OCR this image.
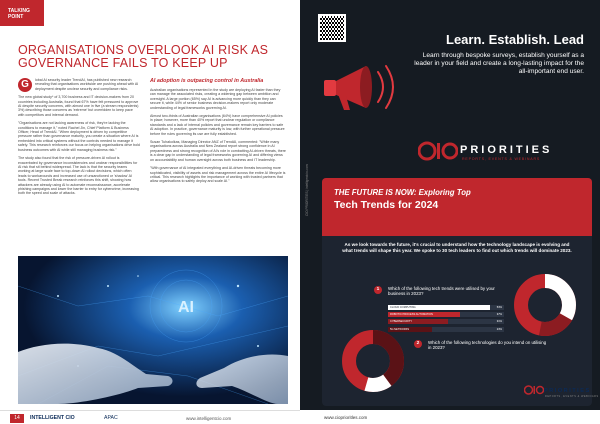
TALKING POINT
ORGANISATIONS OVERLOOK AI RISK AS GOVERNANCE FAILS TO KEEP UP

G	lobal AI security leader TrendAI, has published new research revealing that organisations worldwide are pushing ahead with AI deployment despite unclear security and compliance risks.

The new global study* of 3,700 business and IT decision-makers from 20 countries including Australia, found that 67% have felt pressured to approve AI despite security concerns, with almost one in five (a stream respondents) 3%) describing those concerns as 'extreme' but overridden to keep pace with competitors and internal demand.

"Organisations are not lacking awareness of risk, they're lacking the conditions to manage it," noted Rachel Jin, Chief Platform & Business Officer, Head of TrendAI. "When deployment is driven by competitive pressure rather than governance maturity, you create a situation where AI is embedded into critical systems without the controls needed to manage it safely. This research reinforces our focus on helping organisations drive bold business outcomes with AI while still managing business risk."

The study also found that the risk of pressure-driven AI rollout is exacerbated by governance inconsistencies and unclear responsibilities for AI risk that sit behind widespread. The lack is that the security teams working at large scale face to top-down AI rollout decisions, which often leads to workarounds and increased use of unsanctioned or 'shadow' AI tools. Recent Trusted Break research reinforces this shift, showing how attackers are already using AI to automate reconnaissance, accelerate phishing campaigns and lower the barrier to entry for cybercrime, increasing both the speed and scale of attacks.

AI adoption is outpacing control in Australia

Australian organisations represented in the study are deploying AI faster than they can manage the associated risks, creating a widening gap between ambition and oversight. A large portion (65%) say AI is advancing more quickly than they can secure it, while 44% of senior business decision-makers report only moderate understanding of legal frameworks governing AI.

Almost two-thirds of Australian organisations (64%) have comprehensive AI policies in place; however, more than 40% report that unclear regulation or compliance standards and a lack of internal policies and governance remain key barriers to safe AI adoption. In practice, governance maturity is low, with further operational pressure before the rules governing its use are fully established.

Susan Tuhakolkas, Managing Director ANZ of TrendAI, commented: "While many organisations across Australia and New Zealand report strong confidence in AI preparedness and strong recognition of AI's role in combatting AI-driven threats, there is a clear gap in understanding of legal frameworks governing AI and differing views on accountability and human oversight across both business and IT leadership.

"With governance of AI integrated everything and AI-driven threats becoming more sophisticated, visibility of assets and risk management across the entire AI lifecycle is critical. This research highlights the importance of working with trusted partners that allow organisations to safely deploy and scale AI."

AI
14	INTELLIGENT CIO	APAC	www.intelligentcio.com
Learn. Establish. Lead
Learn through bespoke surveys, establish yourself as a leader in your field and create a long-lasting impact for the all-important end user.
PRIORITIES
REPORTS, EVENTS & WEBINARS
THE FUTURE IS NOW: Exploring Top
Tech Trends for 2024
As we look towards the future, it's crucial to understand how the technology landscape is evolving and what trends will shape this year. We spoke to 30 tech leaders to find out which trends will dominate 2023.
1	Which of the following tech trends were utilised by your business in 2023?
CLOUD COMPUTING	53%
ROBOTIC PROCESS AUTOMATION	37%
CYBERSECURITY	31%
5G NETWORKS	23%
2	Which of the following technologies do you intend on utilising in 2023?
CIO PRIORITIES | intelligentcio.com
www.cioprioritles.com
PRIORITIES
REPORTS, EVENTS & WEBINARS
